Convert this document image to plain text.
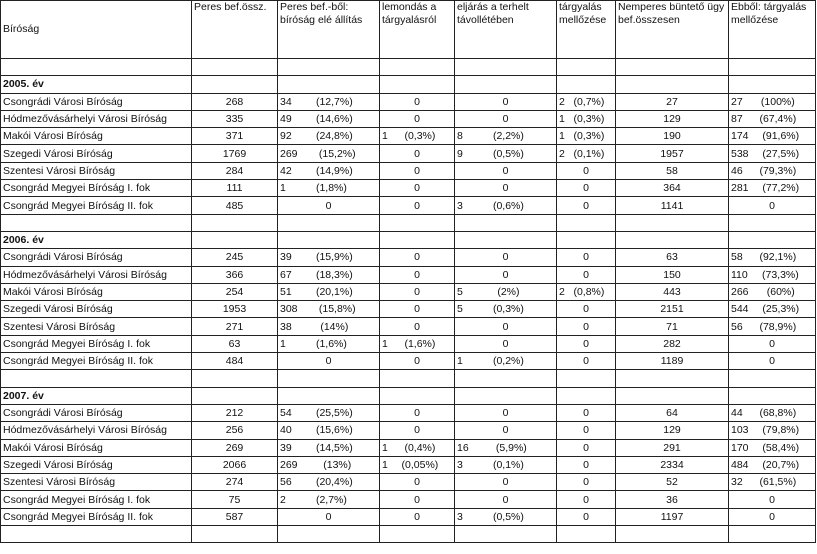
Bíróság	Peres bef.össz.	Peres bef.-ből: bíróság elé állítás	lemondás a tárgyalásról	eljárás a terhelt távollétében	tárgyalás mellőzése	Nemperes büntető ügy bef.összesen	Ebből: tárgyalás mellőzése

2005. év							
Csongrádi Városi Bíróság	268	34 (12,7%)	0	0	2 (0,7%)	27	27 (100%)

Hódmezővásárhelyi Városi Bíróság	335	49 (14,6%)	0	0	1 (0,3%)	129	87 (67,4%)

Makói Városi Bíróság	371	92 (24,8%)	1 (0,3%)	8 (2,2%)	1 (0,3%)	190	174 (91,6%)

Szegedi Városi Bíróság	1769	269 (15,2%)	0	9 (0,5%)	2 (0,1%)	1957	538 (27,5%)

Szentesi Városi Bíróság	284	42 (14,9%)	0	0	0	58	46 (79,3%)

Csongrád Megyei Bíróság I. fok	111	1 (1,8%)	0	0	0	364	281 (77,2%)

Csongrád Megyei Bíróság II. fok	485	0	0	3 (0,6%)	0	1141	0

2006. év							
Csongrádi Városi Bíróság	245	39 (15,9%)	0	0	0	63	58 (92,1%)

Hódmezővásárhelyi Városi Bíróság	366	67 (18,3%)	0	0	0	150	110 (73,3%)

Makói Városi Bíróság	254	51 (20,1%)	0	5 (2%)	2 (0,8%)	443	266 (60%)

Szegedi Városi Bíróság	1953	308 (15,8%)	0	5 (0,3%)	0	2151	544 (25,3%)

Szentesi Városi Bíróság	271	38 (14%)	0	0	0	71	56 (78,9%)

Csongrád Megyei Bíróság I. fok	63	1 (1,6%)	1 (1,6%)	0	0	282	0

Csongrád Megyei Bíróság II. fok	484	0	0	1 (0,2%)	0	1189	0

2007. év							
Csongrádi Városi Bíróság	212	54 (25,5%)	0	0	0	64	44 (68,8%)

Hódmezővásárhelyi Városi Bíróság	256	40 (15,6%)	0	0	0	129	103 (79,8%)

Makói Városi Bíróság	269	39 (14,5%)	1 (0,4%)	16 (5,9%)	0	291	170 (58,4%)

Szegedi Városi Bíróság	2066	269 (13%)	1 (0,05%)	3 (0,1%)	0	2334	484 (20,7%)

Szentesi Városi Bíróság	274	56 (20,4%)	0	0	0	52	32 (61,5%)

Csongrád Megyei Bíróság I. fok	75	2 (2,7%)	0	0	0	36	0

Csongrád Megyei Bíróság II. fok	587	0	0	3 (0,5%)	0	1197	0
